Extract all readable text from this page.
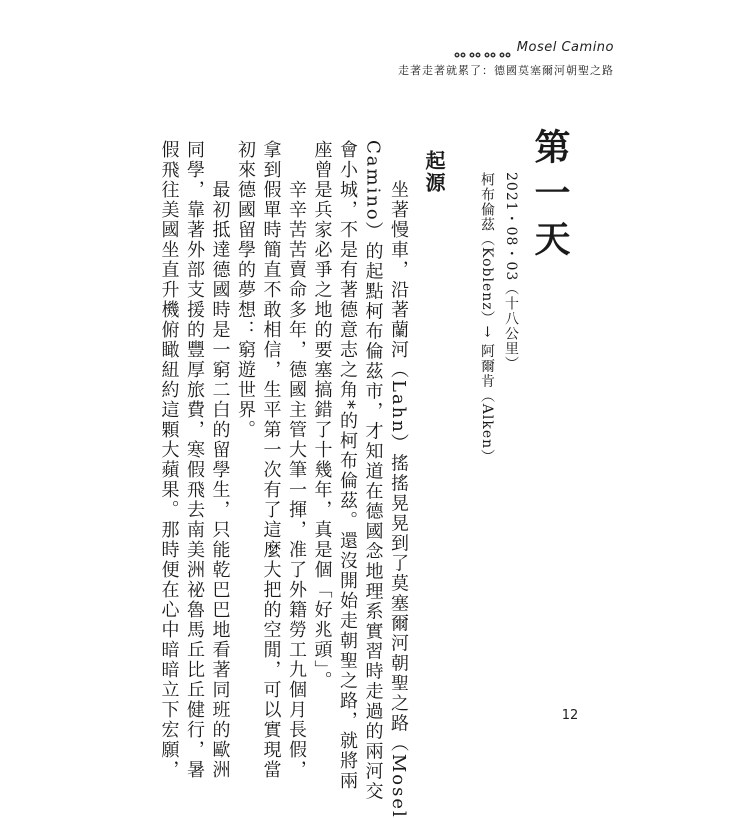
Mosel Camino
走著走著就累了：德國莫塞爾河朝聖之路
第一天
2021・08・03（十八公里）
柯布倫茲（Koblenz）→ 阿爾肯（Alken）
起源

　　坐著慢車，沿著蘭河（Lahn）搖搖晃晃到了莫塞爾河朝聖之路（Mosel

Camino）的起點柯布倫茲市，才知道在德國念地理系實習時走過的兩河交

會小城，不是有著德意志之角*的柯布倫茲。還沒開始走朝聖之路，就將兩

座曾是兵家必爭之地的要塞搞錯了十幾年，真是個「好兆頭」。

　　辛辛苦苦賣命多年，德國主管大筆一揮，准了外籍勞工九個月長假，

拿到假單時簡直不敢相信，生平第一次有了這麼大把的空閒，可以實現當

初來德國留學的夢想：窮遊世界。

　　最初抵達德國時是一窮二白的留學生，只能乾巴巴地看著同班的歐洲

同學，靠著外部支援的豐厚旅費，寒假飛去南美洲祕魯馬丘比丘健行，暑

假飛往美國坐直升機俯瞰紐約這顆大蘋果。那時便在心中暗暗立下宏願，	12
